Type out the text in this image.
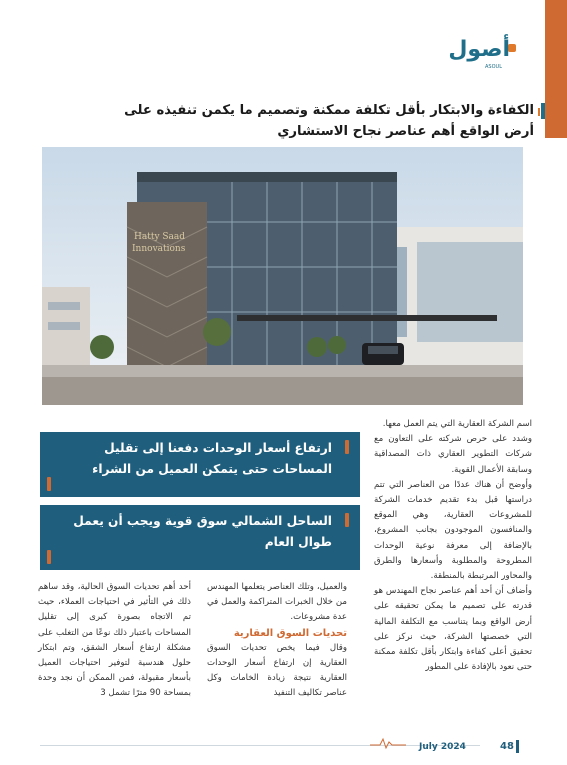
أصول
ASOUL
الكفاءة والابتكار بأقل تكلفة ممكنة وتصميم ما يكمن تنفيذه على أرض الواقع أهم عناصر نجاح الاستشاري
Hatty Saad
Innovations
ارتفاع أسعار الوحدات دفعنا إلى تقليل المساحات حتى يتمكن العميل من الشراء
الساحل الشمالي سوق قوية ويجب أن يعمل طوال العام

اسم الشركة العقارية التي يتم العمل معها.

وشدد على حرص شركته على التعاون مع شركات التطوير العقاري ذات المصداقية وسابقة الأعمال القوية.

وأوضح أن هناك عددًا من العناصر التي تتم دراستها قبل بدء تقديم خدمات الشركة للمشروعات العقارية، وهي الموقع والمنافسون الموجودون بجانب المشروع، بالإضافة إلى معرفة نوعية الوحدات المطروحة والمطلوبة وأسعارها والطرق والمحاور المرتبطة بالمنطقة.

وأضاف أن أحد أهم عناصر نجاح المهندس هو قدرته على تصميم ما يمكن تحقيقه على أرض الواقع وبما يتناسب مع التكلفة المالية التي خصصتها الشركة، حيث نركز على تحقيق أعلى كفاءة وابتكار بأقل تكلفة ممكنة حتى نعود بالإفادة على المطور

والعميل، وتلك العناصر يتعلمها المهندس من خلال الخبرات المتراكمة والعمل في عدة مشروعات.

تحديات السوق العقارية

وقال فيما يخص تحديات السوق العقارية إن ارتفاع أسعار الوحدات العقارية نتيجة زيادة الخامات وكل عناصر تكاليف التنفيذ

أحد أهم تحديات السوق الحالية، وقد ساهم ذلك في التأثير في احتياجات العملاء، حيث تم الاتجاه بصورة كبرى إلى تقليل المساحات باعتبار ذلك نوعًا من التغلب على مشكلة ارتفاع أسعار الشقق، وتم ابتكار حلول هندسية لتوفير احتياجات العميل بأسعار مقبولة، فمن الممكن أن نجد وحدة بمساحة 90 مترًا تشمل 3

July 2024	48
